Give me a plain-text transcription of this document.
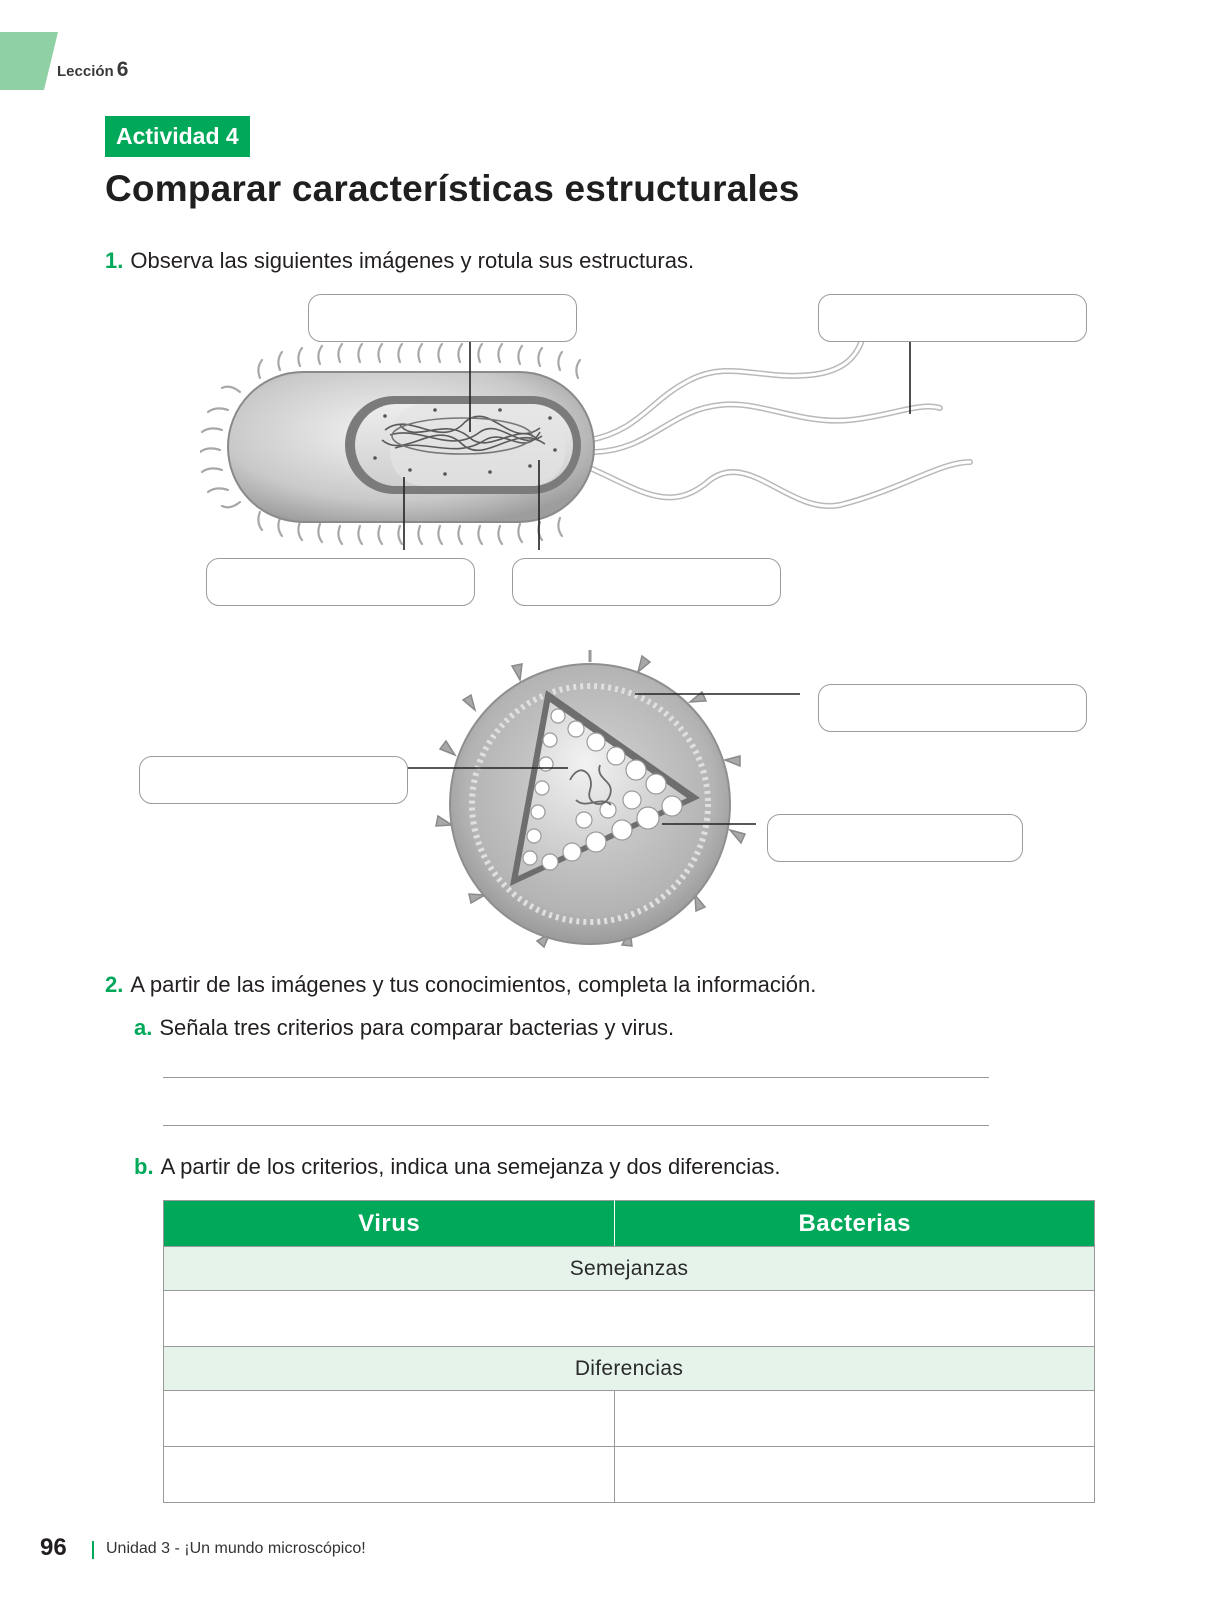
Lección 6
Actividad 4
Comparar características estructurales
1. Observa las siguientes imágenes y rotula sus estructuras.
2. A partir de las imágenes y tus conocimientos, completa la información.
a. Señala tres criterios para comparar bacterias y virus.
b. A partir de los criterios, indica una semejanza y dos diferencias.
Virus	Bacterias
Semejanzas	

Diferencias	

96 Unidad 3 - ¡Un mundo microscópico!
